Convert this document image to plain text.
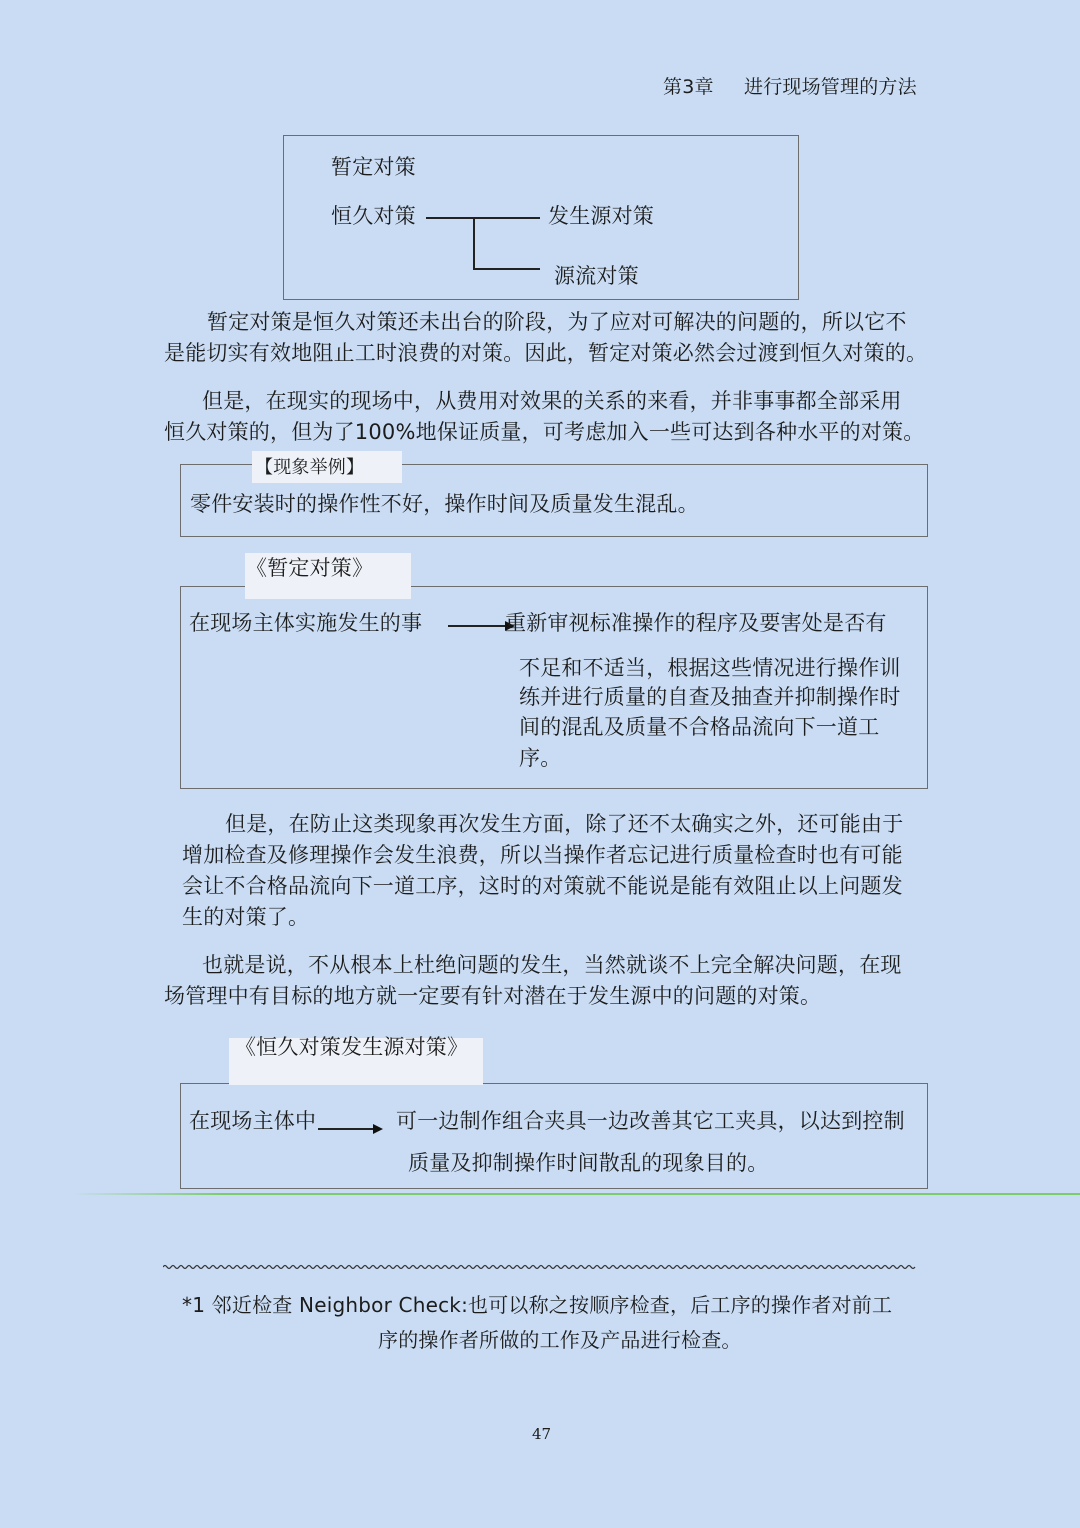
第3章 进行现场管理的方法
暂定对策
恒久对策	发生源对策
源流对策
暂定对策是恒久对策还未出台的阶段，为了应对可解决的问题的，所以它不
是能切实有效地阻止工时浪费的对策。因此，暂定对策必然会过渡到恒久对策的。
但是，在现实的现场中，从费用对效果的关系的来看，并非事事都全部采用
恒久对策的，但为了100%地保证质量，可考虑加入一些可达到各种水平的对策。
【现象举例】
零件安装时的操作性不好，操作时间及质量发生混乱。
《暂定对策》
在现场主体实施发生的事	重新审视标准操作的程序及要害处是否有
不足和不适当，根据这些情况进行操作训
练并进行质量的自查及抽查并抑制操作时
间的混乱及质量不合格品流向下一道工
序。
但是，在防止这类现象再次发生方面，除了还不太确实之外，还可能由于
增加检查及修理操作会发生浪费，所以当操作者忘记进行质量检查时也有可能
会让不合格品流向下一道工序，这时的对策就不能说是能有效阻止以上问题发
生的对策了。
也就是说，不从根本上杜绝问题的发生，当然就谈不上完全解决问题，在现
场管理中有目标的地方就一定要有针对潜在于发生源中的问题的对策。
《恒久对策发生源对策》
在现场主体中	可一边制作组合夹具一边改善其它工夹具，以达到控制
质量及抑制操作时间散乱的现象目的。
*1 邻近检查 Neighbor Check:也可以称之按顺序检查，后工序的操作者对前工
序的操作者所做的工作及产品进行检查。
47
